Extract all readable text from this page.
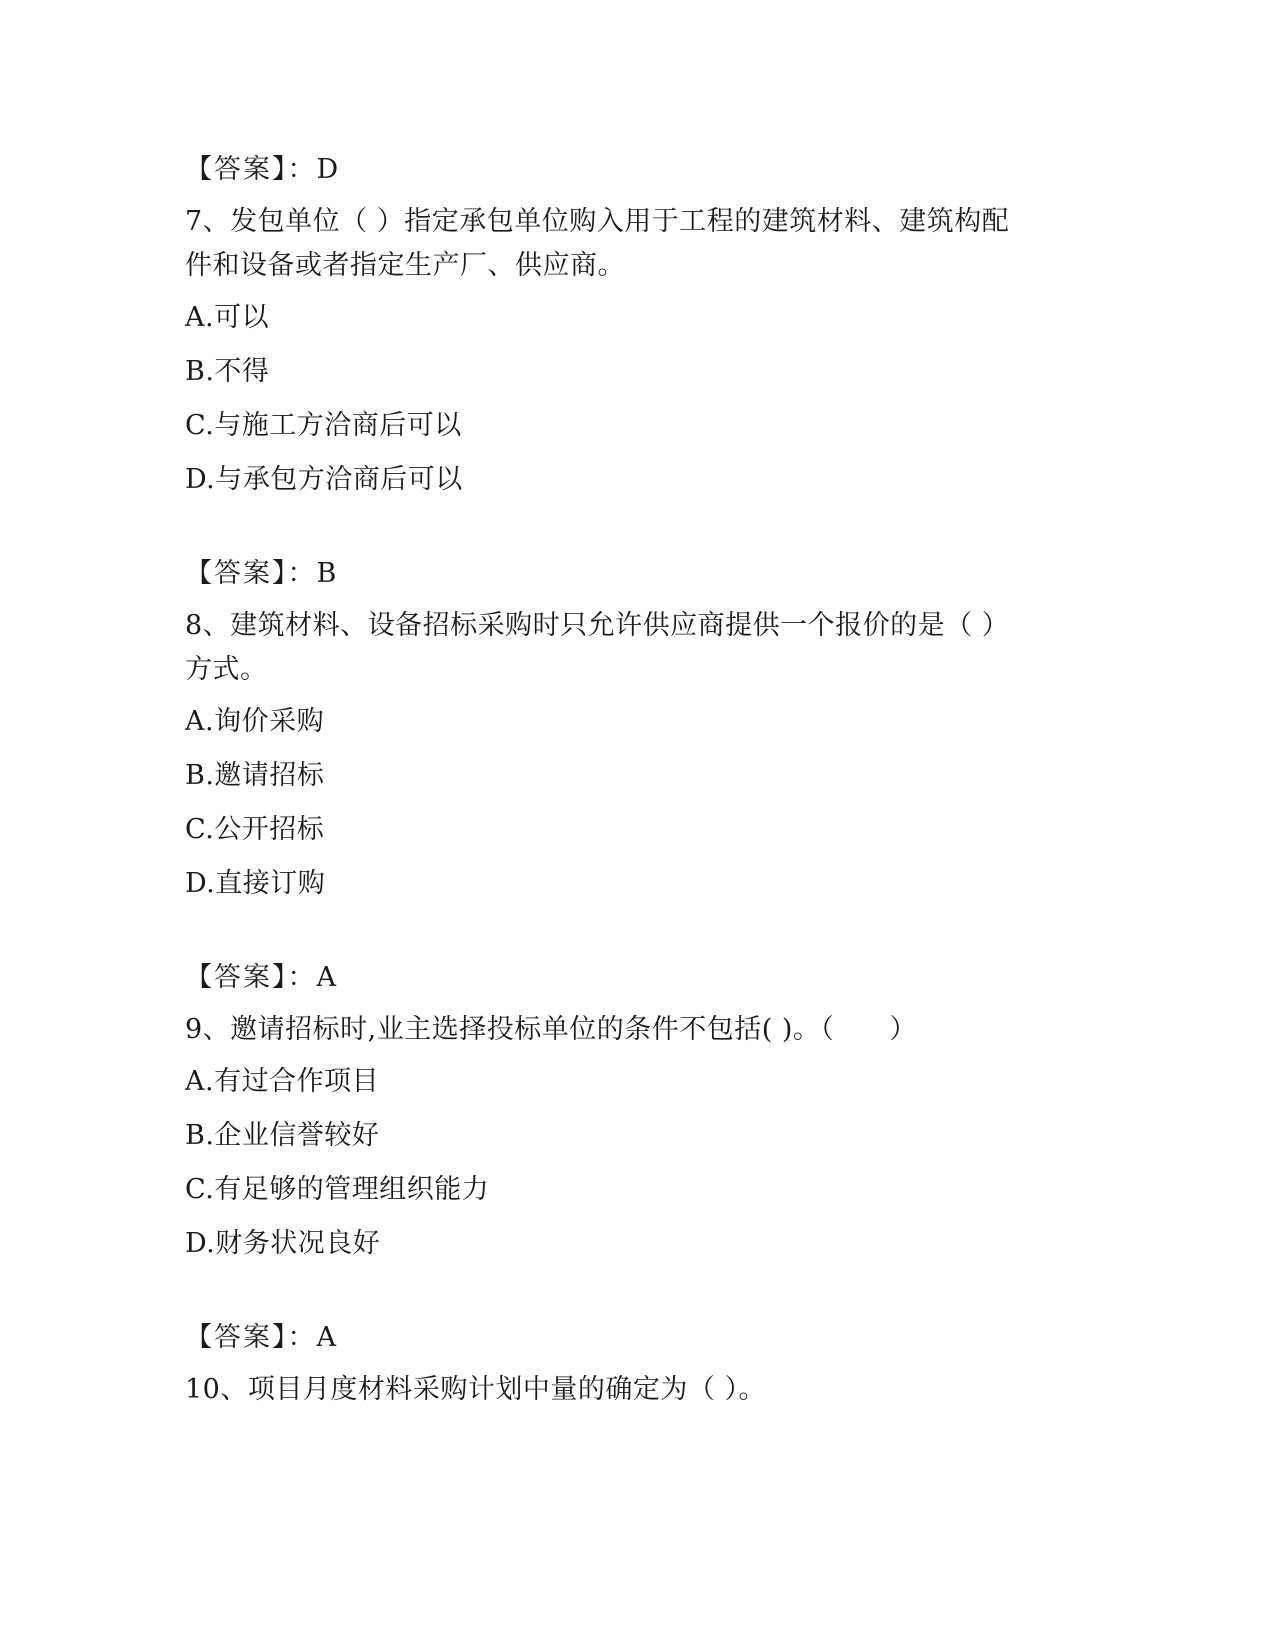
【答案】：D
7、发包单位（ ）指定承包单位购入用于工程的建筑材料、建筑构配
件和设备或者指定生产厂、供应商。
A.可以
B.不得
C.与施工方洽商后可以
D.与承包方洽商后可以
【答案】：B
8、建筑材料、设备招标采购时只允许供应商提供一个报价的是（ ）
方式。
A.询价采购
B.邀请招标
C.公开招标
D.直接订购
【答案】：A
9、邀请招标时,业主选择投标单位的条件不包括( )。（　　）
A.有过合作项目
B.企业信誉较好
C.有足够的管理组织能力
D.财务状况良好
【答案】：A
10、项目月度材料采购计划中量的确定为（ ）。
